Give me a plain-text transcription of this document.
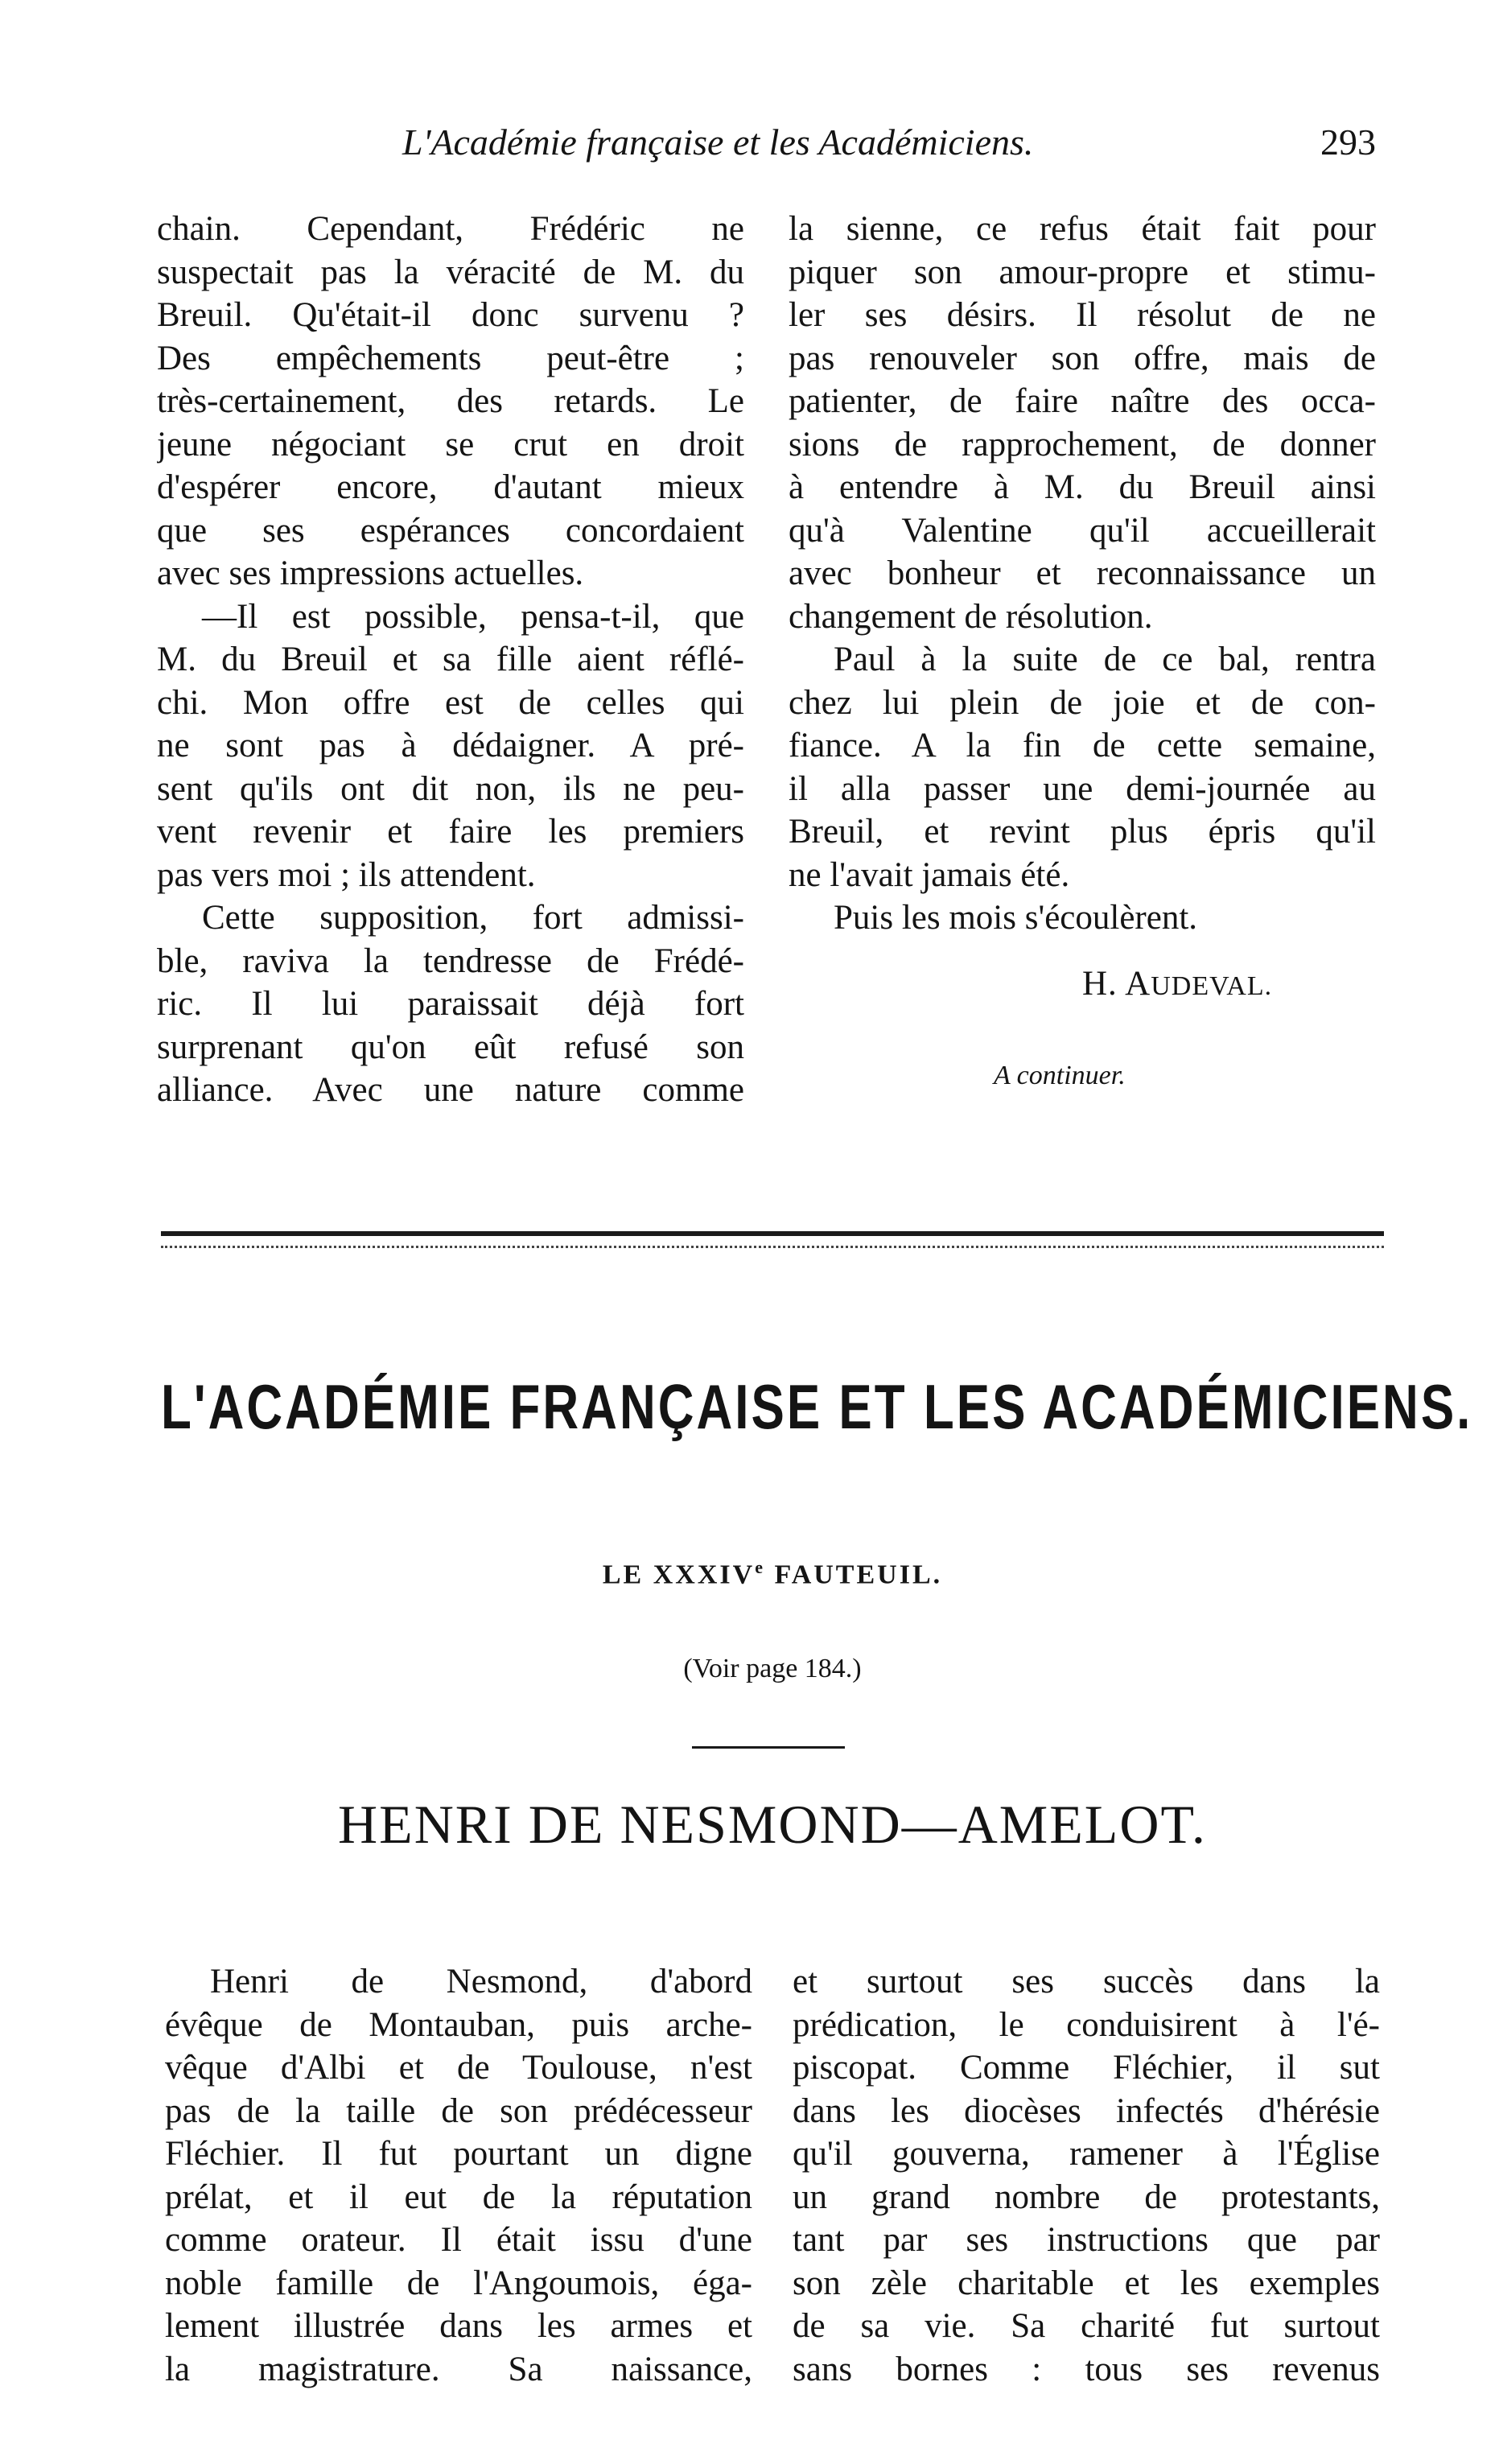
L'Académie française et les Académiciens.	293
chain. Cependant, Frédéric ne
suspectait pas la véracité de M. du
Breuil. Qu'était-il donc survenu ?
Des empêchements peut-être ;
très-certainement, des retards. Le
jeune négociant se crut en droit
d'espérer encore, d'autant mieux
que ses espérances concordaient
avec ses impressions actuelles.
—Il est possible, pensa-t-il, que
M. du Breuil et sa fille aient réflé-
chi. Mon offre est de celles qui
ne sont pas à dédaigner. A pré-
sent qu'ils ont dit non, ils ne peu-
vent revenir et faire les premiers
pas vers moi ; ils attendent.
Cette supposition, fort admissi-
ble, raviva la tendresse de Frédé-
ric. Il lui paraissait déjà fort
surprenant qu'on eût refusé son
alliance. Avec une nature comme
la sienne, ce refus était fait pour
piquer son amour-propre et stimu-
ler ses désirs. Il résolut de ne
pas renouveler son offre, mais de
patienter, de faire naître des occa-
sions de rapprochement, de donner
à entendre à M. du Breuil ainsi
qu'à Valentine qu'il accueillerait
avec bonheur et reconnaissance un
changement de résolution.
Paul à la suite de ce bal, rentra
chez lui plein de joie et de con-
fiance. A la fin de cette semaine,
il alla passer une demi-journée au
Breuil, et revint plus épris qu'il
ne l'avait jamais été.
Puis les mois s'écoulèrent.
H. AUDEVAL.
A continuer.
L'ACADÉMIE FRANÇAISE ET LES ACADÉMICIENS.
LE XXXIVe FAUTEUIL.
(Voir page 184.)
HENRI DE NESMOND—AMELOT.
Henri de Nesmond, d'abord
évêque de Montauban, puis arche-
vêque d'Albi et de Toulouse, n'est
pas de la taille de son prédécesseur
Fléchier. Il fut pourtant un digne
prélat, et il eut de la réputation
comme orateur. Il était issu d'une
noble famille de l'Angoumois, éga-
lement illustrée dans les armes et
la magistrature. Sa naissance,
et surtout ses succès dans la
prédication, le conduisirent à l'é-
piscopat. Comme Fléchier, il sut
dans les diocèses infectés d'hérésie
qu'il gouverna, ramener à l'Église
un grand nombre de protestants,
tant par ses instructions que par
son zèle charitable et les exemples
de sa vie. Sa charité fut surtout
sans bornes : tous ses revenus
